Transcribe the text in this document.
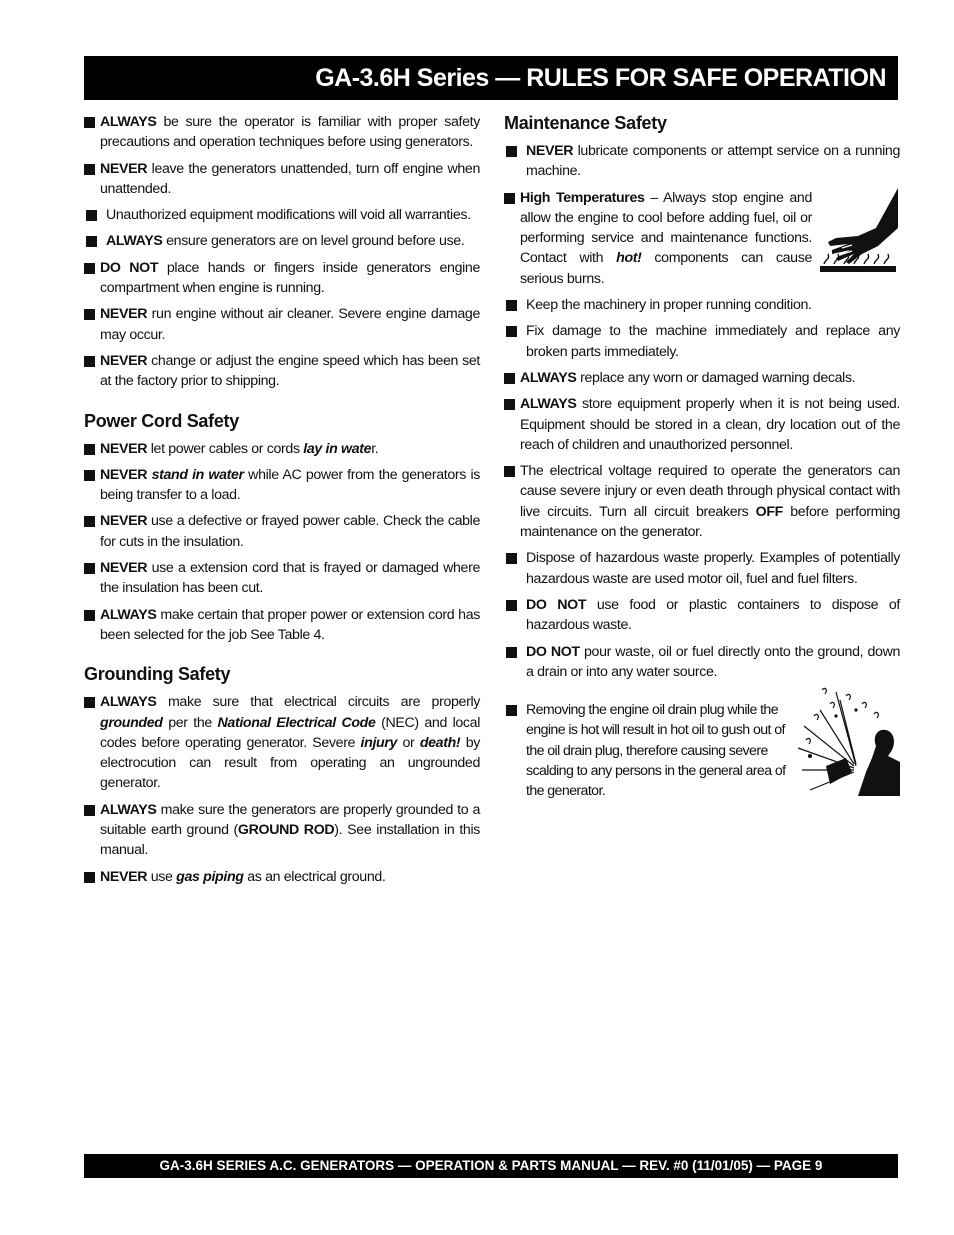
GA-3.6H Series — RULES FOR SAFE OPERATION
ALWAYS be sure the operator is familiar with proper safety precautions and operation techniques before using generators.
NEVER leave the generators unattended, turn off engine when unattended.
Unauthorized equipment modifications will void all warranties.
ALWAYS ensure generators are on level ground before use.
DO NOT place hands or fingers inside generators engine compartment when engine is running.
NEVER run engine without air cleaner. Severe engine damage may occur.
NEVER change or adjust the engine speed which has been set at the factory prior to shipping.
Power Cord Safety
NEVER let power cables or cords lay in water.
NEVER stand in water while AC power from the generators is being transfer to a load.
NEVER use a defective or frayed power cable. Check the cable for cuts in the insulation.
NEVER use a extension cord that is frayed or damaged where the insulation has been cut.
ALWAYS make certain that proper power or extension cord has been selected for the job See Table 4.
Grounding Safety
ALWAYS make sure that electrical circuits are properly grounded per the National Electrical Code (NEC) and local codes before operating generator. Severe injury or death! by electrocution can result from operating an ungrounded generator.
ALWAYS make sure the generators are properly grounded to a suitable earth ground (GROUND ROD). See installation in this manual.
NEVER use gas piping as an electrical ground.
Maintenance Safety
NEVER lubricate components or attempt service on a running machine.
High Temperatures – Always stop engine and allow the engine to cool before adding fuel, oil or performing service and maintenance functions. Contact with hot! components can cause serious burns.
Keep the machinery in proper running condition.
Fix damage to the machine immediately and replace any broken parts immediately.
ALWAYS replace any worn or damaged warning decals.
ALWAYS store equipment properly when it is not being used. Equipment should be stored in a clean, dry location out of the reach of children and unauthorized personnel.
The electrical voltage required to operate the generators can cause severe injury or even death through physical contact with live circuits. Turn all circuit breakers OFF before performing maintenance on the generator.
Dispose of hazardous waste properly. Examples of potentially hazardous waste are used motor oil, fuel and fuel filters.
DO NOT use food or plastic containers to dispose of hazardous waste.
DO NOT pour waste, oil or fuel directly onto the ground, down a drain or into any water source.
Removing the engine oil drain plug while the engine is hot will result in hot oil to gush out of the oil drain plug, therefore causing severe scalding to any persons in the general area of the generator.
GA-3.6H SERIES A.C. GENERATORS — OPERATION & PARTS MANUAL — REV. #0 (11/01/05) — PAGE 9
